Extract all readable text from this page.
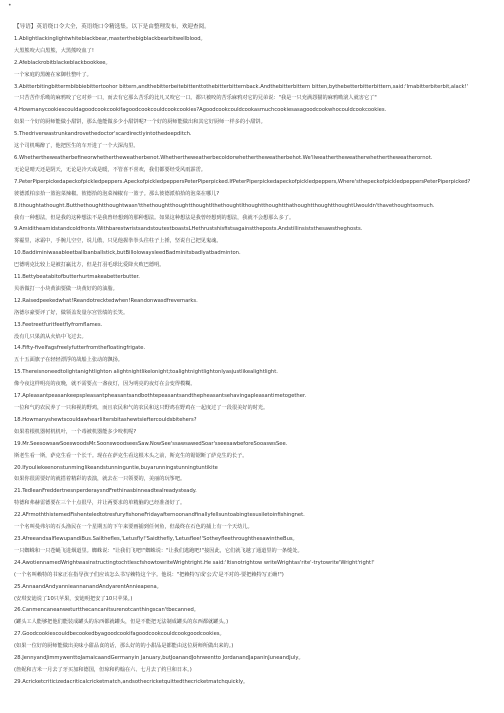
•
【导语】英语绕口令大全，英语绕口令精选集。以下是由整理发布，欢迎查阅。
1.Ablightlackinglightwhiteblackbear,masterthebigblackbearbitwellblood。
大黑熊咬大白黑熊，大黑熊咬血了!
2.Afeblackrobitblackeblackbookkee。
一个家庭的黑缠在家御杜整叶了。
3.Abitterbitingbittermbibbiebittertoohor bittern,andthebitterbeitebittenttothebitterbitternback.Andthebitterbittern bitten,bythebetterbitterbittern,said:'Imabitterbiterbit,alack!'
一只苦苦作乐呦的麻鸦咬了它对养一口，而去有它那么苦乐的比凡又咬它一口。都只被咬的苦乐麻鸦对它的兄弟说："我是一只充满怨猫的麻鸦呦滚人就害它了"
4.Howmanycookiescouldagoodcookcookifagoodcookcouldcookcookies?Agoodcookcouldcookasmuchcookiesasagoodcookwhocouldcookcookies.
如果一个好的厨师能做小甜饼，那么他能做多少小甜饼呢?一个好的厨师能做出和其它好厨师一样多的小甜饼。
5.Thedriverwastrunkandrovethedoctor'scardirectlyintothedeepditch.
这个司机喝醉了，他把医生的车开进了一个大深沟里。
6.Whethertheweatherbefineorwhethertheweatherbenot.Whethertheweatherbecoldorwhethertheweatherbehot.We'llweathertheweatherwhethertheweatherornot.
无论是晴天还是阴天，无论是冷天或是暖，不管喜不喜欢，我们都要经受风雨霹雳。
7.PeterPiperpickedapeckofpickledpeppers.ApeckofpickledpeppersPeterPiperpicked.IfPeterPiperpickedapeckofpickledpeppers,Where'sthepeckofpickledpeppersPeterPiperpicked?
彼德派柏亲拾一篮泡菜辣椒。彼德拾的泡菜辣椒有一篮子。那么彼德派柏拾的泡菜在哪儿?
8.Ithoughtathought.Butthethoughtthoughtwasn'tthethoughtthoughtthoughtIthethoughtIthoughtthoughtthathoughtthoughtthoughtUwouldn'thavethoughtsomuch.
我有一种想法，但是我的这种想法不是我曾经想到的那种想法。如果这种想法是我曾经想到的想法，我就不会想那么多了。
9.Amiditheamidstandcoldfronts.WithbarestwristsandstoutestboastsLHethrustshisfistsagainsttheposts.Andstillinsiststhesawstheghosts.
雾霾里，冰霜中，手腕儿空空，说儿傲，只见他握拳拳头往柱子上捶，坚说自己把见鬼魂。
10.Baddiminiwasableetballbanballstick,butBillolowaysleedBadminitsbadlyatbadminton.
巴德明克比较上是被打赢比方，但是打羽毛球比爱降火败巴德明。
11.Bettybeatabitofbutterhurtmakeabetterbutter.
贝蒂做打一小块黄油要做一块黄好的的油脂。
12.Raisedpeekedwhat!Reandotrecktedwhen!Reandonwasdfrevemarks.
洛德尔豪要评了好，做领盖发量尔宫管绩的长笑。
13.Feetreetfuritfeetflyfromflames.
没有几只果鸽从火焰中飞过去。
14.Fifty-fivelfagsfreelyfutterfromthefloatingfrigate.
五十五面旗子在轻轻漂浮的战船上张动的飘扬。
15.Thereisnoneedtolightanightlighton alightnightlikelonight;toalightnightlightonlyasjustlikealightlight.
像今夜这样明亮的夜晚，就不需要点一盏夜灯，因为明亮的夜灯在会变得模糊。
17.Apleasantpeasankeepspleasantpheasantsandbothtepeasantsandthepheasantsehavingapleasantimetogether.
一位和气的农民养了一只和视的野鸡，而且农民和气的农民和这只野鸡在野鸡在一起度过了一段很美好的时光。
18.Howmanyshewtscouldawhearliltersbitashewtsieftercouldsbitehers?
如果着根机器树机机叶，一个毒被机器能多少咬机呢?
19.Mr.SeesowsawSoeswoodsMr.SoonswoodseesSaw.NowSee'ssawsawedSoar'sseesawbeforeSooaswsSee.
斯老生看一斯，萨克生看一个长干。现在在萨克生看这根木头之前，斯克生的锯锯断了萨克生的长子。
20.Ifyouliekeenonstunminglikeandstunninguntie,buyarunningstunningtuntikite
如果你很需要好的就搭着精彩的表演，就去在一只领要的，美丽的玩筝吧。
21.TedleanFreddertnesnperderaysndFrethinasbinneadtealreadysteady.
特德和弗赫雷德要在三个十点很早，并让两要求的单精脑的已经准备好了。
22.AFrmoththistemedFishenteledtotresfuryfishoneFridayafternoonandfinallyfellsuntoabingtesusiletoinfishingnet.
一个名叫曼弗尔的石头渔民在一个星期五的下午来要画捕到任何鱼，但最终在石色的捕上有一个天幼儿。
23.AfreeandsalflewupandiBus.SaiIthefles,'Letusfly!'SaidthefIy,'Letusflee!'SotheyfleethroughthesawintheBus。
一只蜘蛛和一只苍蝇飞进烟道里。蜘蛛说："让我们飞吧!"蜘蛛说："让我们逃跑吧!"接因此，它们就飞越了通道里的一条缝处。
24.AwotiennamedWrightwasinstructingtochtlescfshowtowriteWrightright.He said:'Itisnotrightow writeWrightas'rite'-trytowrite'Wright'right!'
(一个名叫赖特的书家正在指导孩子们应该怎么书写赖特这个字。他说："把赖特写成'公式'是不对的-要把赖特写正确!")
25.AnnaandAndyannieannanandAndyarentAnnieapena。
(安琪安迪说了10只苹果，安迪明把安了10只苹果。)
26.Canmencaneanweturtthecancanitsurenotcanthingscan'tbecanned。
(罐头工人能够把他们能装成罐头的东西都就罐头，但是不能把无法制成罐头的东西都就罐头。)
27.Goodcookiescouldbecookedbyagoodcookifagoodcookcouldcookgoodcookies。
(如果一位好的厨师能做出美味小甜品食的话，那么好的的小甜品是都能由这位厨师所做出来的。)
28.JennyandJimmywenttoJamaicaandGermanyin January,butJoanandJohnwentto JordanandJapaninJuneandJuly。
(詹妮和吉米一月去了牙买加和德国，但琼和约翰在六、七月去了约旦和日本。)
29.Acricketcriticizedacriticalcricketmatch,andsothecricketquittedthecricketmatchquickly。
